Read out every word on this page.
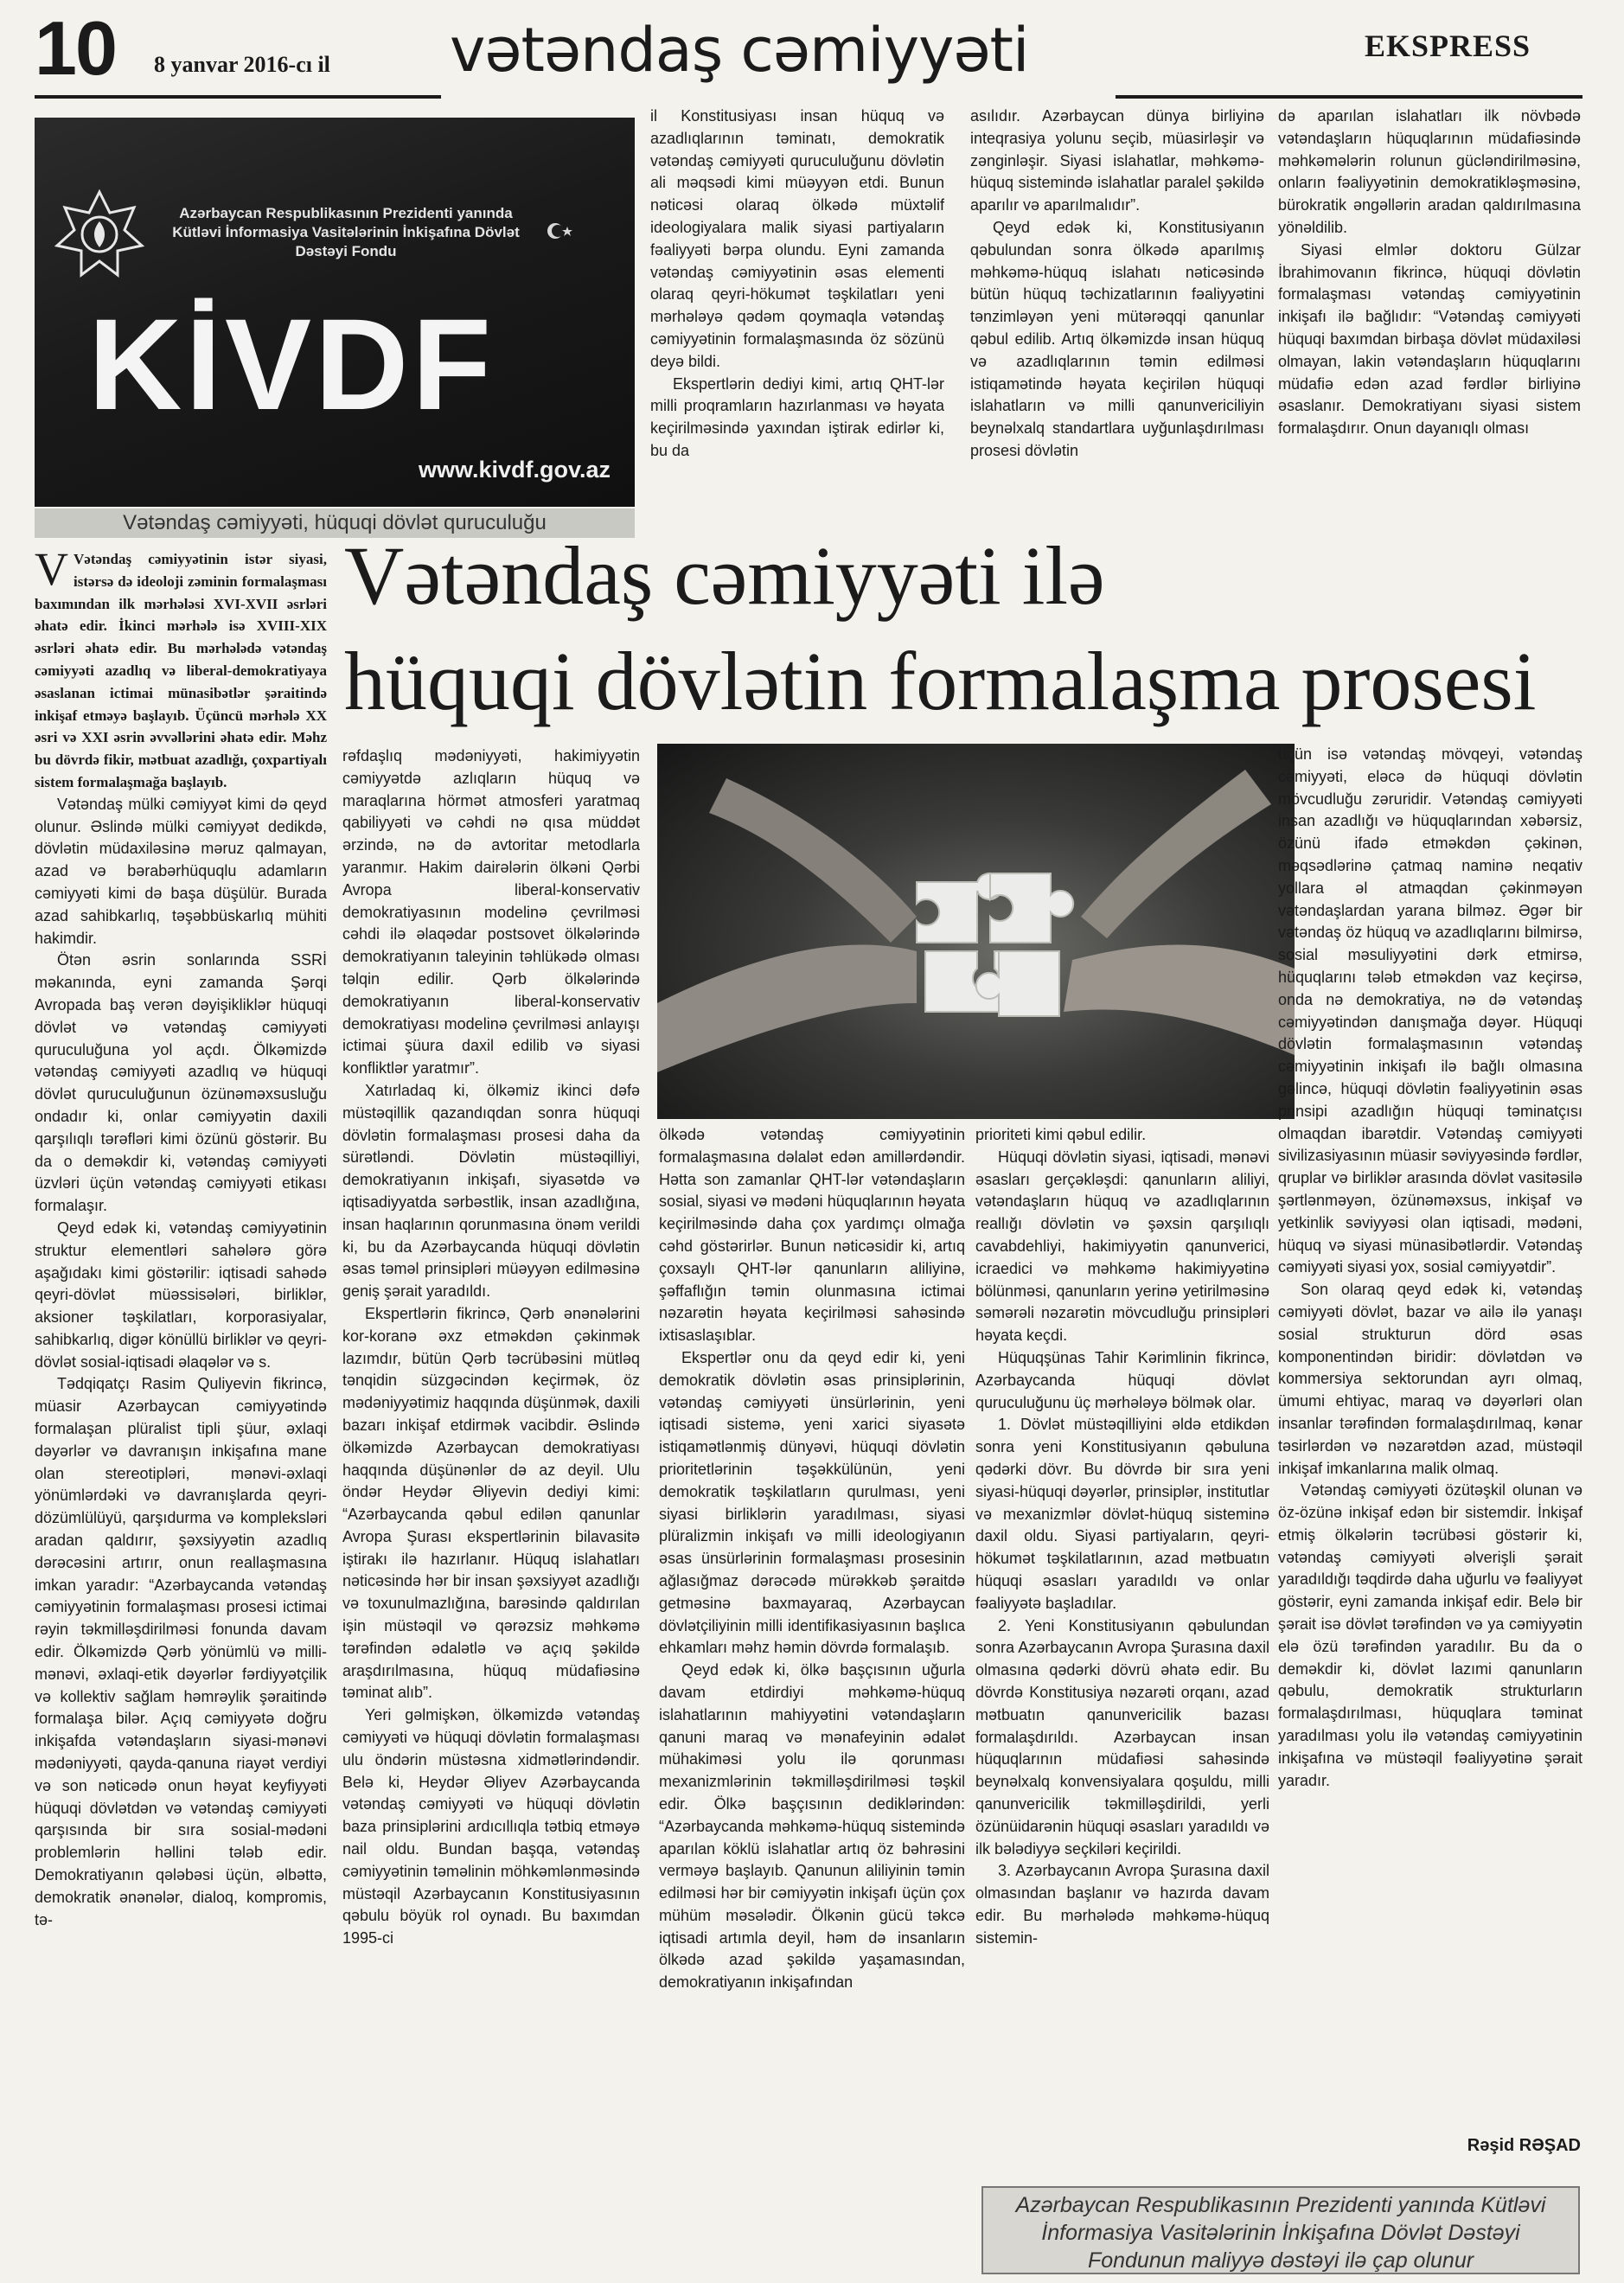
10 8 yanvar 2016-cı il vətəndaş cəmiyyəti	EKSPRESS
Azərbaycan Respublikasının Prezidenti yanında Kütləvi İnformasiya Vasitələrinin İnkişafına Dövlət Dəstəyi Fondu
KİVDF
www.kivdf.gov.az
Vətəndaş cəmiyyəti, hüquqi dövlət quruculuğu

il Konstitusiyası insan hüquq və azadlıqlarının təminatı, demokratik vətəndaş cəmiyyəti quruculuğunu dövlətin ali məqsədi kimi müəyyən etdi. Bunun nəticəsi olaraq ölkədə müxtəlif ideologiyalara malik siyasi partiyaların fəaliyyəti bərpa olundu. Eyni zamanda vətəndaş cəmiyyətinin əsas elementi olaraq qeyri-hökumət təşkilatları yeni mərhələyə qədəm qoymaqla vətəndaş cəmiyyətinin formalaşmasında öz sözünü deyə bildi.

Ekspertlərin dediyi kimi, artıq QHT-lər milli proqramların hazırlanması və həyata keçirilməsində yaxından iştirak edirlər ki, bu da

asılıdır. Azərbaycan dünya birliyinə inteqrasiya yolunu seçib, müasirləşir və zənginləşir. Siyasi islahatlar, məhkəmə-hüquq sistemində islahatlar paralel şəkildə aparılır və aparılmalıdır”.

Qeyd edək ki, Konstitusiyanın qəbulundan sonra ölkədə aparılmış məhkəmə-hüquq islahatı nəticəsində bütün hüquq təchizatlarının fəaliyyətini tənzimləyən yeni mütərəqqi qanunlar qəbul edilib. Artıq ölkəmizdə insan hüquq və azadlıqlarının təmin edilməsi istiqamətində həyata keçirilən hüquqi islahatların və milli qanunvericiliyin beynəlxalq standartlara uyğunlaşdırılması prosesi dövlətin

də aparılan islahatları ilk növbədə vətəndaşların hüquqlarının müdafiəsində məhkəmələrin rolunun gücləndirilməsinə, onların fəaliyyətinin demokratikləşməsinə, bürokratik əngəllərin aradan qaldırılmasına yönəldilib.

Siyasi elmlər doktoru Gülzar İbrahimovanın fikrincə, hüquqi dövlətin formalaşması vətəndaş cəmiyyətinin inkişafı ilə bağlıdır: “Vətəndaş cəmiyyəti hüquqi baxımdan birbaşa dövlət müdaxiləsi olmayan, lakin vətəndaşların hüquqlarını müdafiə edən azad fərdlər birliyinə əsaslanır. Demokratiyanı siyasi sistem formalaşdırır. Onun dayanıqlı olması

Vətəndaş cəmiyyəti ilə
hüquqi dövlətin formalaşma prosesi

V Vətəndaş cəmiyyətinin istər siyasi, istərsə də ideoloji zəminin formalaşması baxımından ilk mərhələsi XVI-XVII əsrləri əhatə edir. İkinci mərhələ isə XVIII-XIX əsrləri əhatə edir. Bu mərhələdə vətəndaş cəmiyyəti azadlıq və liberal-demokratiyaya əsaslanan ictimai münasibətlər şəraitində inkişaf etməyə başlayıb. Üçüncü mərhələ XX əsri və XXI əsrin əvvəllərini əhatə edir. Məhz bu dövrdə fikir, mətbuat azadlığı, çoxpartiyalı sistem formalaşmağa başlayıb.

Vətəndaş mülki cəmiyyət kimi də qeyd olunur. Əslində mülki cəmiyyət dedikdə, dövlətin müdaxiləsinə məruz qalmayan, azad və bərabərhüquqlu adamların cəmiyyəti kimi də başa düşülür. Burada azad sahibkarlıq, təşəbbüskarlıq mühiti hakimdir.

Ötən əsrin sonlarında SSRİ məkanında, eyni zamanda Şərqi Avropada baş verən dəyişikliklər hüquqi dövlət və vətəndaş cəmiyyəti quruculuğuna yol açdı. Ölkəmizdə vətəndaş cəmiyyəti azadlıq və hüquqi dövlət quruculuğunun özünəməxsusluğu ondadır ki, onlar cəmiyyətin daxili qarşılıqlı tərəfləri kimi özünü göstərir. Bu da o deməkdir ki, vətəndaş cəmiyyəti üzvləri üçün vətəndaş cəmiyyəti etikası formalaşır.

Qeyd edək ki, vətəndaş cəmiyyətinin struktur elementləri sahələrə görə aşağıdakı kimi göstərilir: iqtisadi sahədə qeyri-dövlət müəssisələri, birliklər, aksioner təşkilatları, korporasiyalar, sahibkarlıq, digər könüllü birliklər və qeyri-dövlət sosial-iqtisadi əlaqələr və s.

Tədqiqatçı Rasim Quliyevin fikrincə, müasir Azərbaycan cəmiyyətində formalaşan plüralist tipli şüur, əxlaqi dəyərlər və davranışın inkişafına mane olan stereotipləri, mənəvi-əxlaqi yönümlərdəki və davranışlarda qeyri-dözümlülüyü, qarşıdurma və kompleksləri aradan qaldırır, şəxsiyyətin azadlıq dərəcəsini artırır, onun reallaşmasına imkan yaradır: “Azərbaycanda vətəndaş cəmiyyətinin formalaşması prosesi ictimai rəyin təkmilləşdirilməsi fonunda davam edir. Ölkəmizdə Qərb yönümlü və milli-mənəvi, əxlaqi-etik dəyərlər fərdiyyətçilik və kollektiv sağlam həmrəylik şəraitində formalaşa bilər. Açıq cəmiyyətə doğru inkişafda vətəndaşların siyasi-mənəvi mədəniyyəti, qayda-qanuna riayət verdiyi və son nəticədə onun həyat keyfiyyəti hüquqi dövlətdən və vətəndaş cəmiyyəti qarşısında bir sıra sosial-mədəni problemlərin həllini tələb edir. Demokratiyanın qələbəsi üçün, əlbəttə, demokratik ənənələr, dialoq, kompromis, tə-

rəfdaşlıq mədəniyyəti, hakimiyyətin cəmiyyətdə azlıqların hüquq və maraqlarına hörmət atmosferi yaratmaq qabiliyyəti və cəhdi nə qısa müddət ərzində, nə də avtoritar metodlarla yaranmır. Hakim dairələrin ölkəni Qərbi Avropa liberal-konservativ demokratiyasının modelinə çevrilməsi cəhdi ilə əlaqədar postsovet ölkələrində demokratiyanın taleyinin təhlükədə olması təlqin edilir. Qərb ölkələrində demokratiyanın liberal-konservativ demokratiyası modelinə çevrilməsi anlayışı ictimai şüura daxil edilib və siyasi konfliktlər yaratmır”.

Xatırladaq ki, ölkəmiz ikinci dəfə müstəqillik qazandıqdan sonra hüquqi dövlətin formalaşması prosesi daha da sürətləndi. Dövlətin müstəqilliyi, demokratiyanın inkişafı, siyasətdə və iqtisadiyyatda sərbəstlik, insan azadlığına, insan haqlarının qorunmasına önəm verildi ki, bu da Azərbaycanda hüquqi dövlətin əsas təməl prinsipləri müəyyən edilməsinə geniş şərait yaradıldı.

Ekspertlərin fikrincə, Qərb ənənələrini kor-koranə əxz etməkdən çəkinmək lazımdır, bütün Qərb təcrübəsini mütləq tənqidin süzgəcindən keçirmək, öz mədəniyyətimiz haqqında düşünmək, daxili bazarı inkişaf etdirmək vacibdir. Əslində ölkəmizdə Azərbaycan demokratiyası haqqında düşünənlər də az deyil. Ulu öndər Heydər Əliyevin dediyi kimi: “Azərbaycanda qəbul edilən qanunlar Avropa Şurası ekspertlərinin bilavasitə iştirakı ilə hazırlanır. Hüquq islahatları nəticəsində hər bir insan şəxsiyyət azadlığı və toxunulmazlığına, barəsində qaldırılan işin müstəqil və qərəzsiz məhkəmə tərəfindən ədalətlə və açıq şəkildə araşdırılmasına, hüquq müdafiəsinə təminat alıb”.

Yeri gəlmişkən, ölkəmizdə vətəndaş cəmiyyəti və hüquqi dövlətin formalaşması ulu öndərin müstəsna xidmətlərindəndir. Belə ki, Heydər Əliyev Azərbaycanda vətəndaş cəmiyyəti və hüquqi dövlətin baza prinsiplərini ardıcıllıqla tətbiq etməyə nail oldu. Bundan başqa, vətəndaş cəmiyyətinin təməlinin möhkəmlənməsində müstəqil Azərbaycanın Konstitusiyasının qəbulu böyük rol oynadı. Bu baxımdan 1995-ci

ölkədə vətəndaş cəmiyyətinin formalaşmasına dəlalət edən amillərdəndir. Hətta son zamanlar QHT-lər vətəndaşların sosial, siyasi və mədəni hüquqlarının həyata keçirilməsində daha çox yardımçı olmağa cəhd göstərirlər. Bunun nəticəsidir ki, artıq çoxsaylı QHT-lər qanunların aliliyinə, şəffaflığın təmin olunmasına ictimai nəzarətin həyata keçirilməsi sahəsində ixtisaslaşıblar.

Ekspertlər onu da qeyd edir ki, yeni demokratik dövlətin əsas prinsiplərinin, vətəndaş cəmiyyəti ünsürlərinin, yeni iqtisadi sistemə, yeni xarici siyasətə istiqamətlənmiş dünyəvi, hüquqi dövlətin prioritetlərinin təşəkkülünün, yeni demokratik təşkilatların qurulması, yeni siyasi birliklərin yaradılması, siyasi plüralizmin inkişafı və milli ideologiyanın əsas ünsürlərinin formalaşması prosesinin ağlasığmaz dərəcədə mürəkkəb şəraitdə getməsinə baxmayaraq, Azərbaycan dövlətçiliyinin milli identifikasiyasının başlıca ehkamları məhz həmin dövrdə formalaşıb.

Qeyd edək ki, ölkə başçısının uğurla davam etdirdiyi məhkəmə-hüquq islahatlarının mahiyyətini vətəndaşların qanuni maraq və mənafeyinin ədalət mühakiməsi yolu ilə qorunması mexanizmlərinin təkmilləşdirilməsi təşkil edir. Ölkə başçısının dediklərindən: “Azərbaycanda məhkəmə-hüquq sistemində aparılan köklü islahatlar artıq öz bəhrəsini verməyə başlayıb. Qanunun aliliyinin təmin edilməsi hər bir cəmiyyətin inkişafı üçün çox mühüm məsələdir. Ölkənin gücü təkcə iqtisadi artımla deyil, həm də insanların ölkədə azad şəkildə yaşamasından, demokratiyanın inkişafından

prioriteti kimi qəbul edilir.

Hüquqi dövlətin siyasi, iqtisadi, mənəvi əsasları gerçəkləşdi: qanunların aliliyi, vətəndaşların hüquq və azadlıqlarının reallığı dövlətin və şəxsin qarşılıqlı cavabdehliyi, hakimiyyətin qanunverici, icraedici və məhkəmə hakimiyyətinə bölünməsi, qanunların yerinə yetirilməsinə səmərəli nəzarətin mövcudluğu prinsipləri həyata keçdi.

Hüquqşünas Tahir Kərimlinin fikrincə, Azərbaycanda hüquqi dövlət quruculuğunu üç mərhələyə bölmək olar.

1. Dövlət müstəqilliyini əldə etdikdən sonra yeni Konstitusiyanın qəbuluna qədərki dövr. Bu dövrdə bir sıra yeni siyasi-hüquqi dəyərlər, prinsiplər, institutlar və mexanizmlər dövlət-hüquq sisteminə daxil oldu. Siyasi partiyaların, qeyri-hökumət təşkilatlarının, azad mətbuatın hüquqi əsasları yaradıldı və onlar fəaliyyətə başladılar.

2. Yeni Konstitusiyanın qəbulundan sonra Azərbaycanın Avropa Şurasına daxil olmasına qədərki dövrü əhatə edir. Bu dövrdə Konstitusiya nəzarəti orqanı, azad mətbuatın qanunvericilik bazası formalaşdırıldı. Azərbaycan insan hüquqlarının müdafiəsi sahəsində beynəlxalq konvensiyalara qoşuldu, milli qanunvericilik təkmilləşdirildi, yerli özünüidarənin hüquqi əsasları yaradıldı və ilk bələdiyyə seçkiləri keçirildi.

3. Azərbaycanın Avropa Şurasına daxil olmasından başlanır və hazırda davam edir. Bu mərhələdə məhkəmə-hüquq sistemin-

üçün isə vətəndaş mövqeyi, vətəndaş cəmiyyəti, eləcə də hüquqi dövlətin mövcudluğu zəruridir. Vətəndaş cəmiyyəti insan azadlığı və hüquqlarından xəbərsiz, özünü ifadə etməkdən çəkinən, məqsədlərinə çatmaq naminə neqativ yollara əl atmaqdan çəkinməyən vətəndaşlardan yarana bilməz. Əgər bir vətəndaş öz hüquq və azadlıqlarını bilmirsə, sosial məsuliyyətini dərk etmirsə, hüquqlarını tələb etməkdən vaz keçirsə, onda nə demokratiya, nə də vətəndaş cəmiyyətindən danışmağa dəyər. Hüquqi dövlətin formalaşmasının vətəndaş cəmiyyətinin inkişafı ilə bağlı olmasına gəlincə, hüquqi dövlətin fəaliyyətinin əsas prinsipi azadlığın hüquqi təminatçısı olmaqdan ibarətdir. Vətəndaş cəmiyyəti sivilizasiyasının müasir səviyyəsində fərdlər, qruplar və birliklər arasında dövlət vasitəsilə şərtlənməyən, özünəməxsus, inkişaf və yetkinlik səviyyəsi olan iqtisadi, mədəni, hüquq və siyasi münasibətlərdir. Vətəndaş cəmiyyəti siyasi yox, sosial cəmiyyətdir”.

Son olaraq qeyd edək ki, vətəndaş cəmiyyəti dövlət, bazar və ailə ilə yanaşı sosial strukturun dörd əsas komponentindən biridir: dövlətdən və kommersiya sektorundan ayrı olmaq, ümumi ehtiyac, maraq və dəyərləri olan insanlar tərəfindən formalaşdırılmaq, kənar təsirlərdən və nəzarətdən azad, müstəqil inkişaf imkanlarına malik olmaq.

Vətəndaş cəmiyyəti özütəşkil olunan və öz-özünə inkişaf edən bir sistemdir. İnkişaf etmiş ölkələrin təcrübəsi göstərir ki, vətəndaş cəmiyyəti əlverişli şərait yaradıldığı təqdirdə daha uğurlu və fəaliyyət göstərir, eyni zamanda inkişaf edir. Belə bir şərait isə dövlət tərəfindən və ya cəmiyyətin elə özü tərəfindən yaradılır. Bu da o deməkdir ki, dövlət lazımi qanunların qəbulu, demokratik strukturların formalaşdırılması, hüquqlara təminat yaradılması yolu ilə vətəndaş cəmiyyətinin inkişafına və müstəqil fəaliyyətinə şərait yaradır.

Rəşid RƏŞAD
Azərbaycan Respublikasının Prezidenti yanında Kütləvi İnformasiya Vasitələrinin İnkişafına Dövlət Dəstəyi Fondunun maliyyə dəstəyi ilə çap olunur
